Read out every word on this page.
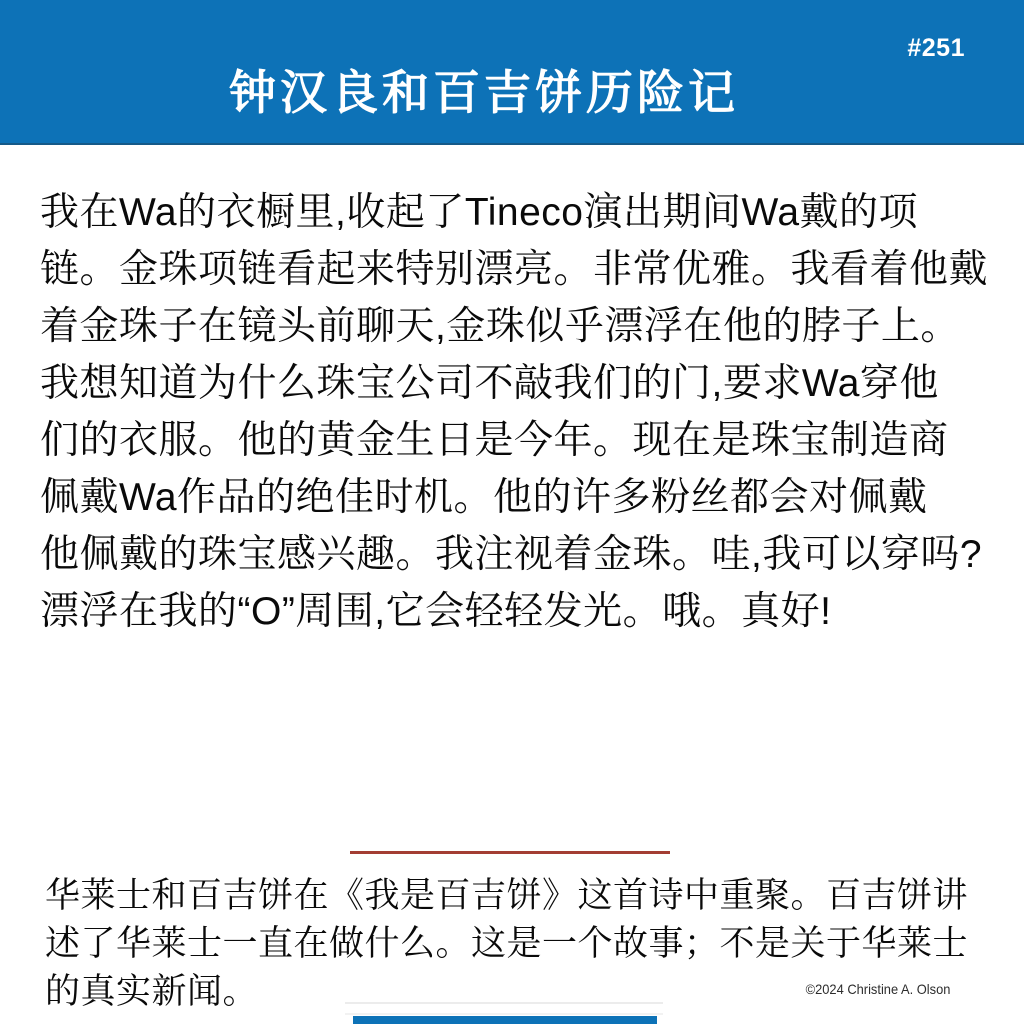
钟汉良和百吉饼历险记
#251
我在Wa的衣橱里,收起了Tineco演出期间Wa戴的项
链。金珠项链看起来特别漂亮。非常优雅。我看着他戴
着金珠子在镜头前聊天,金珠似乎漂浮在他的脖子上。
我想知道为什么珠宝公司不敲我们的门,要求Wa穿他
们的衣服。他的黄金生日是今年。现在是珠宝制造商
佩戴Wa作品的绝佳时机。他的许多粉丝都会对佩戴
他佩戴的珠宝感兴趣。我注视着金珠。哇,我可以穿吗?
漂浮在我的“O”周围,它会轻轻发光。哦。真好!
华莱士和百吉饼在《我是百吉饼》这首诗中重聚。百吉饼讲
述了华莱士一直在做什么。这是一个故事；不是关于华莱士
的真实新闻。	©2024 Christine A. Olson
